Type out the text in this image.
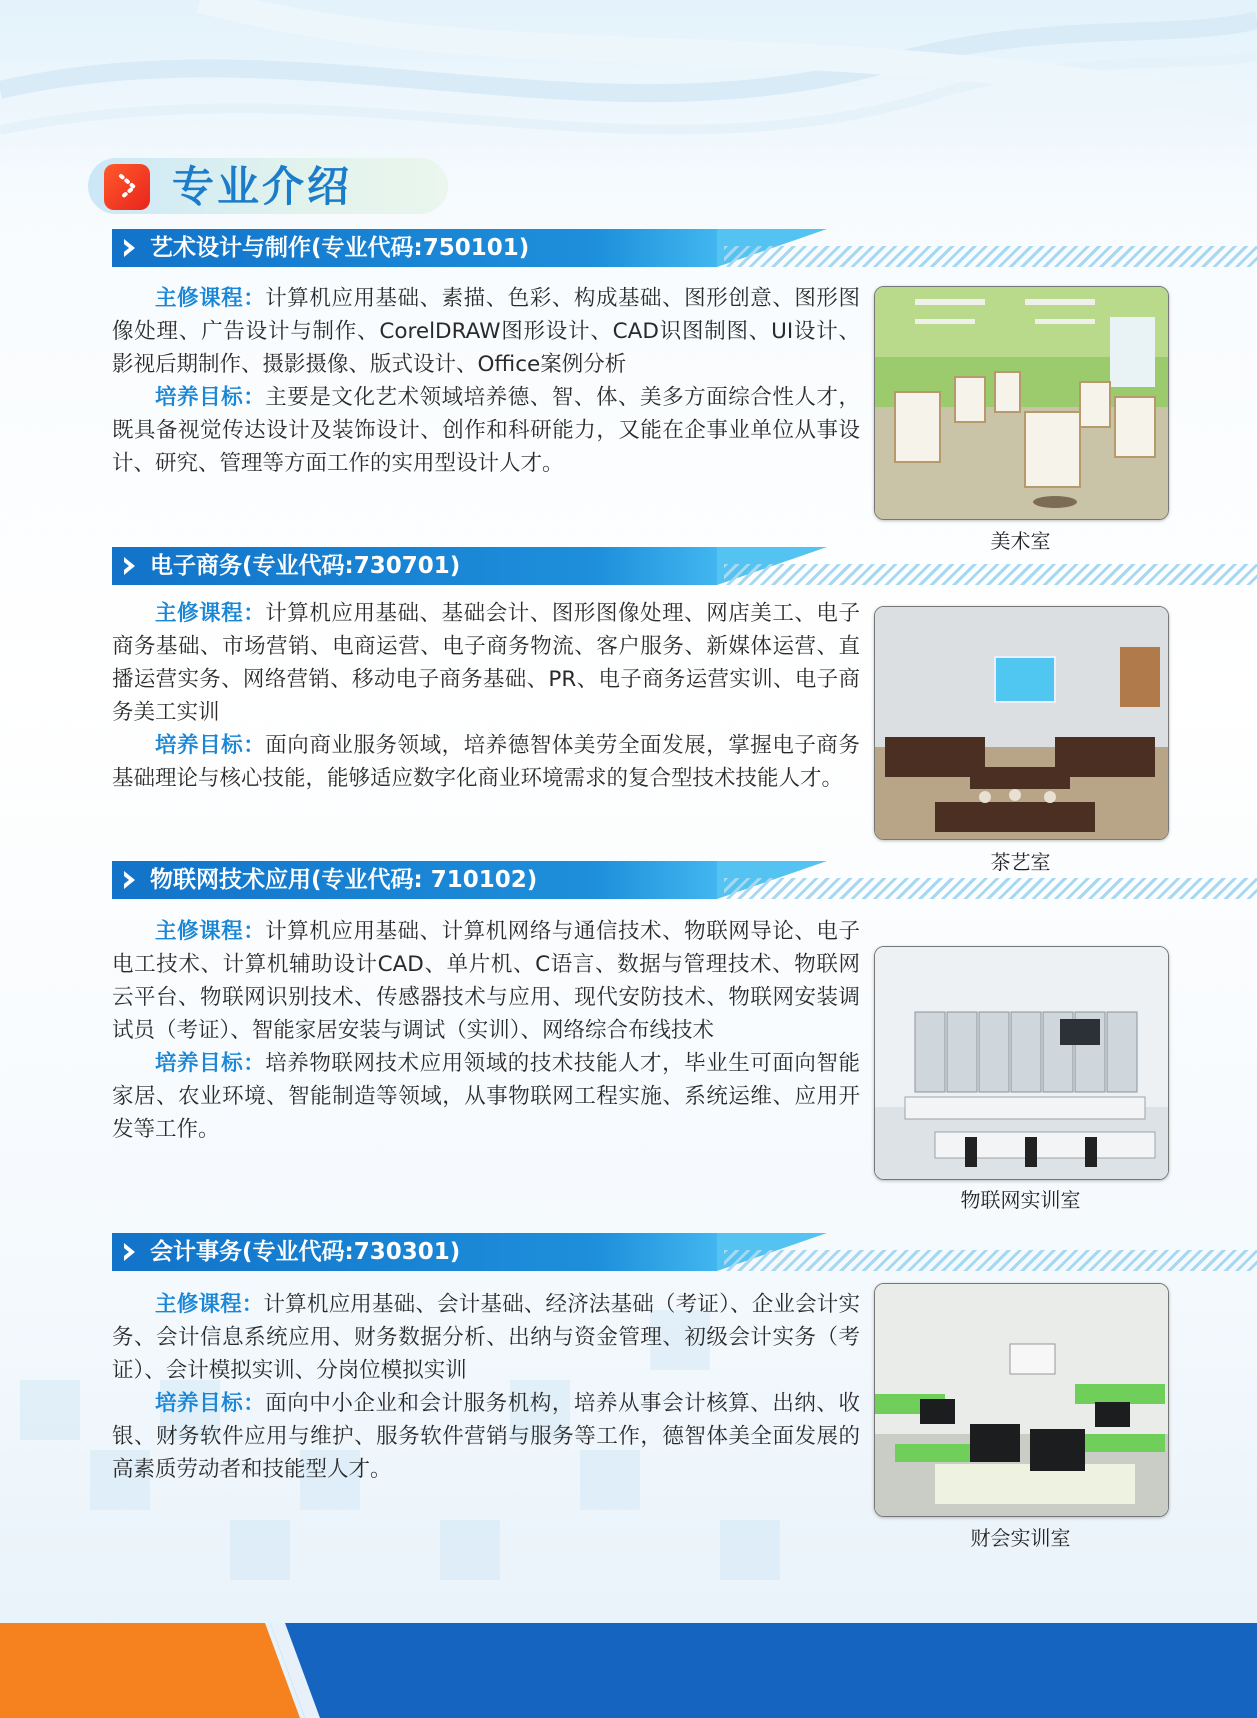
专业介绍
艺术设计与制作(专业代码:750101)

主修课程：计算机应用基础、素描、色彩、构成基础、图形创意、图形图像处理、广告设计与制作、CorelDRAW图形设计、CAD识图制图、UI设计、影视后期制作、摄影摄像、版式设计、Office案例分析

培养目标：主要是文化艺术领域培养德、智、体、美多方面综合性人才，既具备视觉传达设计及装饰设计、创作和科研能力，又能在企事业单位从事设计、研究、管理等方面工作的实用型设计人才。

美术室
电子商务(专业代码:730701)

主修课程：计算机应用基础、基础会计、图形图像处理、网店美工、电子商务基础、市场营销、电商运营、电子商务物流、客户服务、新媒体运营、直播运营实务、网络营销、移动电子商务基础、PR、电子商务运营实训、电子商务美工实训

培养目标：面向商业服务领域，培养德智体美劳全面发展，掌握电子商务基础理论与核心技能，能够适应数字化商业环境需求的复合型技术技能人才。

茶艺室
物联网技术应用(专业代码: 710102)

主修课程：计算机应用基础、计算机网络与通信技术、物联网导论、电子电工技术、计算机辅助设计CAD、单片机、C语言、数据与管理技术、物联网云平台、物联网识别技术、传感器技术与应用、现代安防技术、物联网安装调试员（考证）、智能家居安装与调试（实训）、网络综合布线技术

培养目标：培养物联网技术应用领域的技术技能人才，毕业生可面向智能家居、农业环境、智能制造等领域，从事物联网工程实施、系统运维、应用开发等工作。

物联网实训室
会计事务(专业代码:730301)

主修课程：计算机应用基础、会计基础、经济法基础（考证）、企业会计实务、会计信息系统应用、财务数据分析、出纳与资金管理、初级会计实务（考证）、会计模拟实训、分岗位模拟实训

培养目标：面向中小企业和会计服务机构，培养从事会计核算、出纳、收银、财务软件应用与维护、服务软件营销与服务等工作，德智体美全面发展的高素质劳动者和技能型人才。

财会实训室
